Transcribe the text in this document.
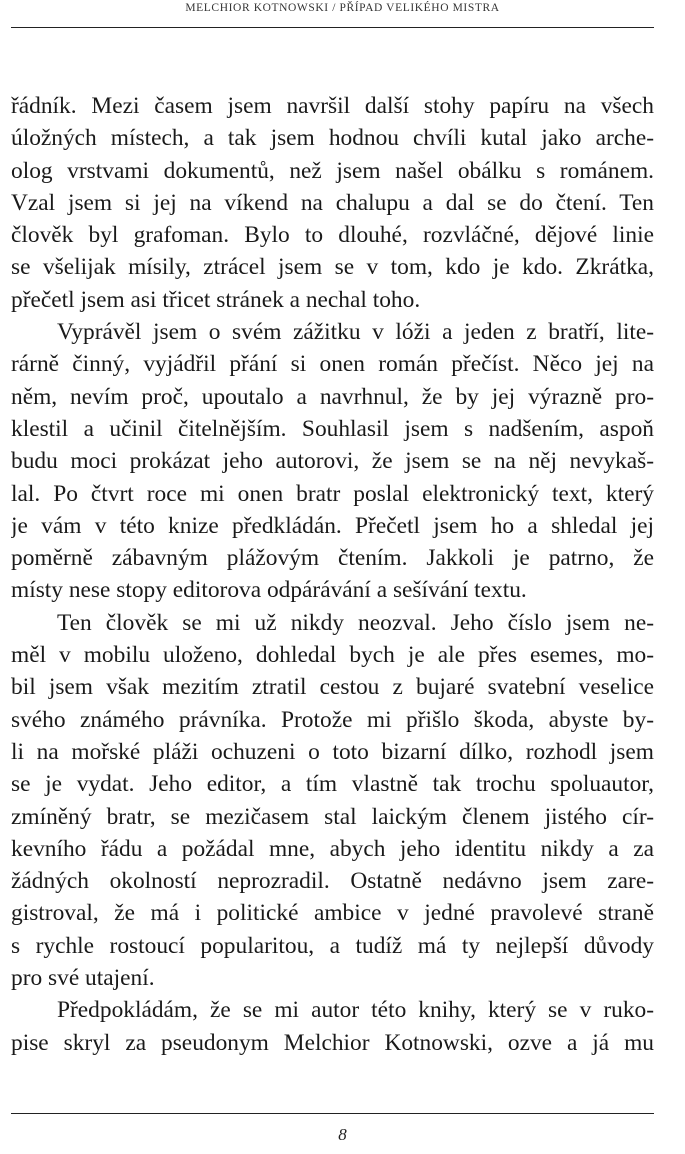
MELCHIOR KOTNOWSKI / PŘÍPAD VELIKÉHO MISTRA
řádník. Mezi časem jsem navršil další stohy papíru na všech
úložných místech, a tak jsem hodnou chvíli kutal jako arche-
olog vrstvami dokumentů, než jsem našel obálku s románem.
Vzal jsem si jej na víkend na chalupu a dal se do čtení. Ten
člověk byl grafoman. Bylo to dlouhé, rozvláčné, dějové linie
se všelijak mísily, ztrácel jsem se v tom, kdo je kdo. Zkrátka,
přečetl jsem asi třicet stránek a nechal toho.
Vyprávěl jsem o svém zážitku v lóži a jeden z bratří, lite-
rárně činný, vyjádřil přání si onen román přečíst. Něco jej na
něm, nevím proč, upoutalo a navrhnul, že by jej výrazně pro-
klestil a učinil čitelnějším. Souhlasil jsem s nadšením, aspoň
budu moci prokázat jeho autorovi, že jsem se na něj nevykaš-
lal. Po čtvrt roce mi onen bratr poslal elektronický text, který
je vám v této knize předkládán. Přečetl jsem ho a shledal jej
poměrně zábavným plážovým čtením. Jakkoli je patrno, že
místy nese stopy editorova odpárávání a sešívání textu.
Ten člověk se mi už nikdy neozval. Jeho číslo jsem ne-
měl v mobilu uloženo, dohledal bych je ale přes esemes, mo-
bil jsem však mezitím ztratil cestou z bujaré svatební veselice
svého známého právníka. Protože mi přišlo škoda, abyste by-
li na mořské pláži ochuzeni o toto bizarní dílko, rozhodl jsem
se je vydat. Jeho editor, a tím vlastně tak trochu spoluautor,
zmíněný bratr, se mezičasem stal laickým členem jistého cír-
kevního řádu a požádal mne, abych jeho identitu nikdy a za
žádných okolností neprozradil. Ostatně nedávno jsem zare-
gistroval, že má i politické ambice v jedné pravolevé straně
s rychle rostoucí popularitou, a tudíž má ty nejlepší důvody
pro své utajení.
Předpokládám, že se mi autor této knihy, který se v ruko-
pise skryl za pseudonym Melchior Kotnowski, ozve a já mu
8
